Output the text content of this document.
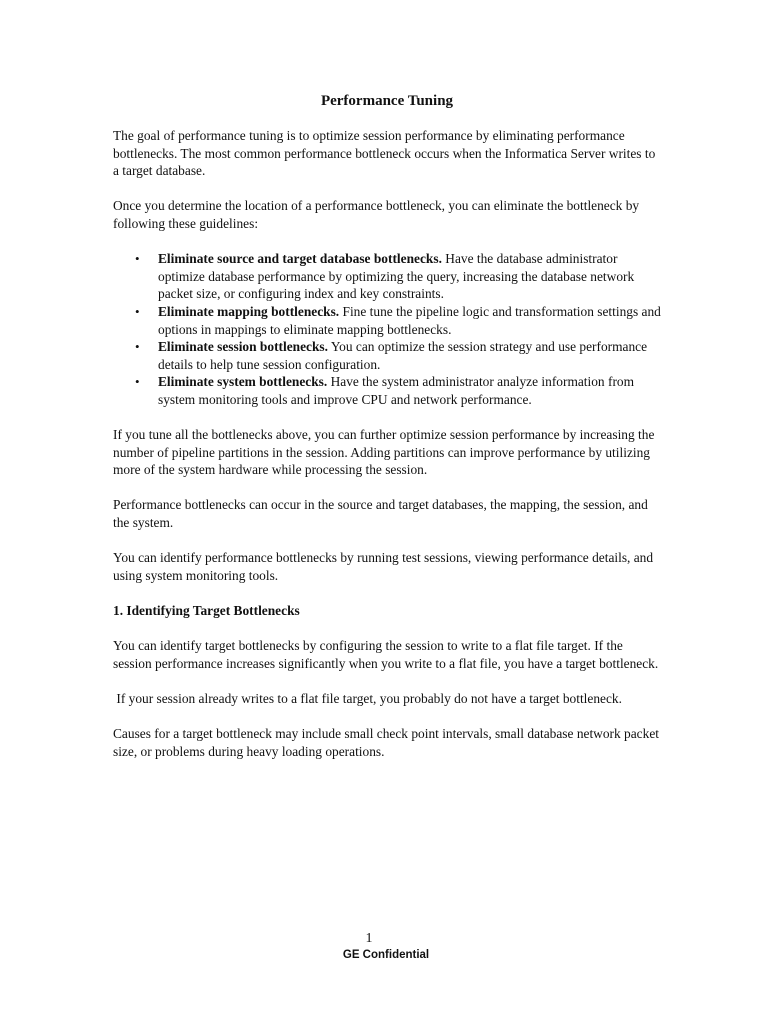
Performance Tuning

The goal of performance tuning is to optimize session performance by eliminating performance bottlenecks. The most common performance bottleneck occurs when the Informatica Server writes to a target database.

Once you determine the location of a performance bottleneck, you can eliminate the bottleneck by following these guidelines:

• Eliminate source and target database bottlenecks. Have the database administrator optimize database performance by optimizing the query, increasing the database network packet size, or configuring index and key constraints.
• Eliminate mapping bottlenecks. Fine tune the pipeline logic and transformation settings and options in mappings to eliminate mapping bottlenecks.
• Eliminate session bottlenecks. You can optimize the session strategy and use performance details to help tune session configuration.
• Eliminate system bottlenecks. Have the system administrator analyze information from system monitoring tools and improve CPU and network performance.

If you tune all the bottlenecks above, you can further optimize session performance by increasing the number of pipeline partitions in the session. Adding partitions can improve performance by utilizing more of the system hardware while processing the session.

Performance bottlenecks can occur in the source and target databases, the mapping, the session, and the system.

You can identify performance bottlenecks by running test sessions, viewing performance details, and using system monitoring tools.

1. Identifying Target Bottlenecks

You can identify target bottlenecks by configuring the session to write to a flat file target. If the session performance increases significantly when you write to a flat file, you have a target bottleneck.

If your session already writes to a flat file target, you probably do not have a target bottleneck.

Causes for a target bottleneck may include small check point intervals, small database network packet size, or problems during heavy loading operations.

1
GE Confidential
